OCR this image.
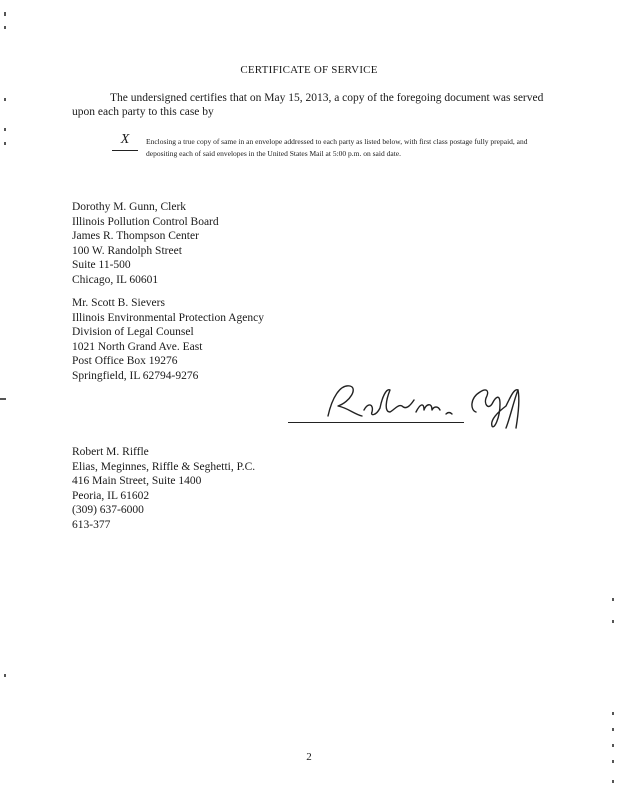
CERTIFICATE OF SERVICE
The undersigned certifies that on May 15, 2013, a copy of the foregoing document was served upon each party to this case by
X	Enclosing a true copy of same in an envelope addressed to each party as listed below, with first class postage fully prepaid, and depositing each of said envelopes in the United States Mail at 5:00 p.m. on said date.
Dorothy M. Gunn, Clerk
Illinois Pollution Control Board
James R. Thompson Center
100 W. Randolph Street
Suite 11-500
Chicago, IL 60601
Mr. Scott B. Sievers
Illinois Environmental Protection Agency
Division of Legal Counsel
1021 North Grand Ave. East
Post Office Box 19276
Springfield, IL 62794-9276
Robert M. Riffle
Elias, Meginnes, Riffle & Seghetti, P.C.
416 Main Street, Suite 1400
Peoria, IL 61602
(309) 637-6000
613-377
2
